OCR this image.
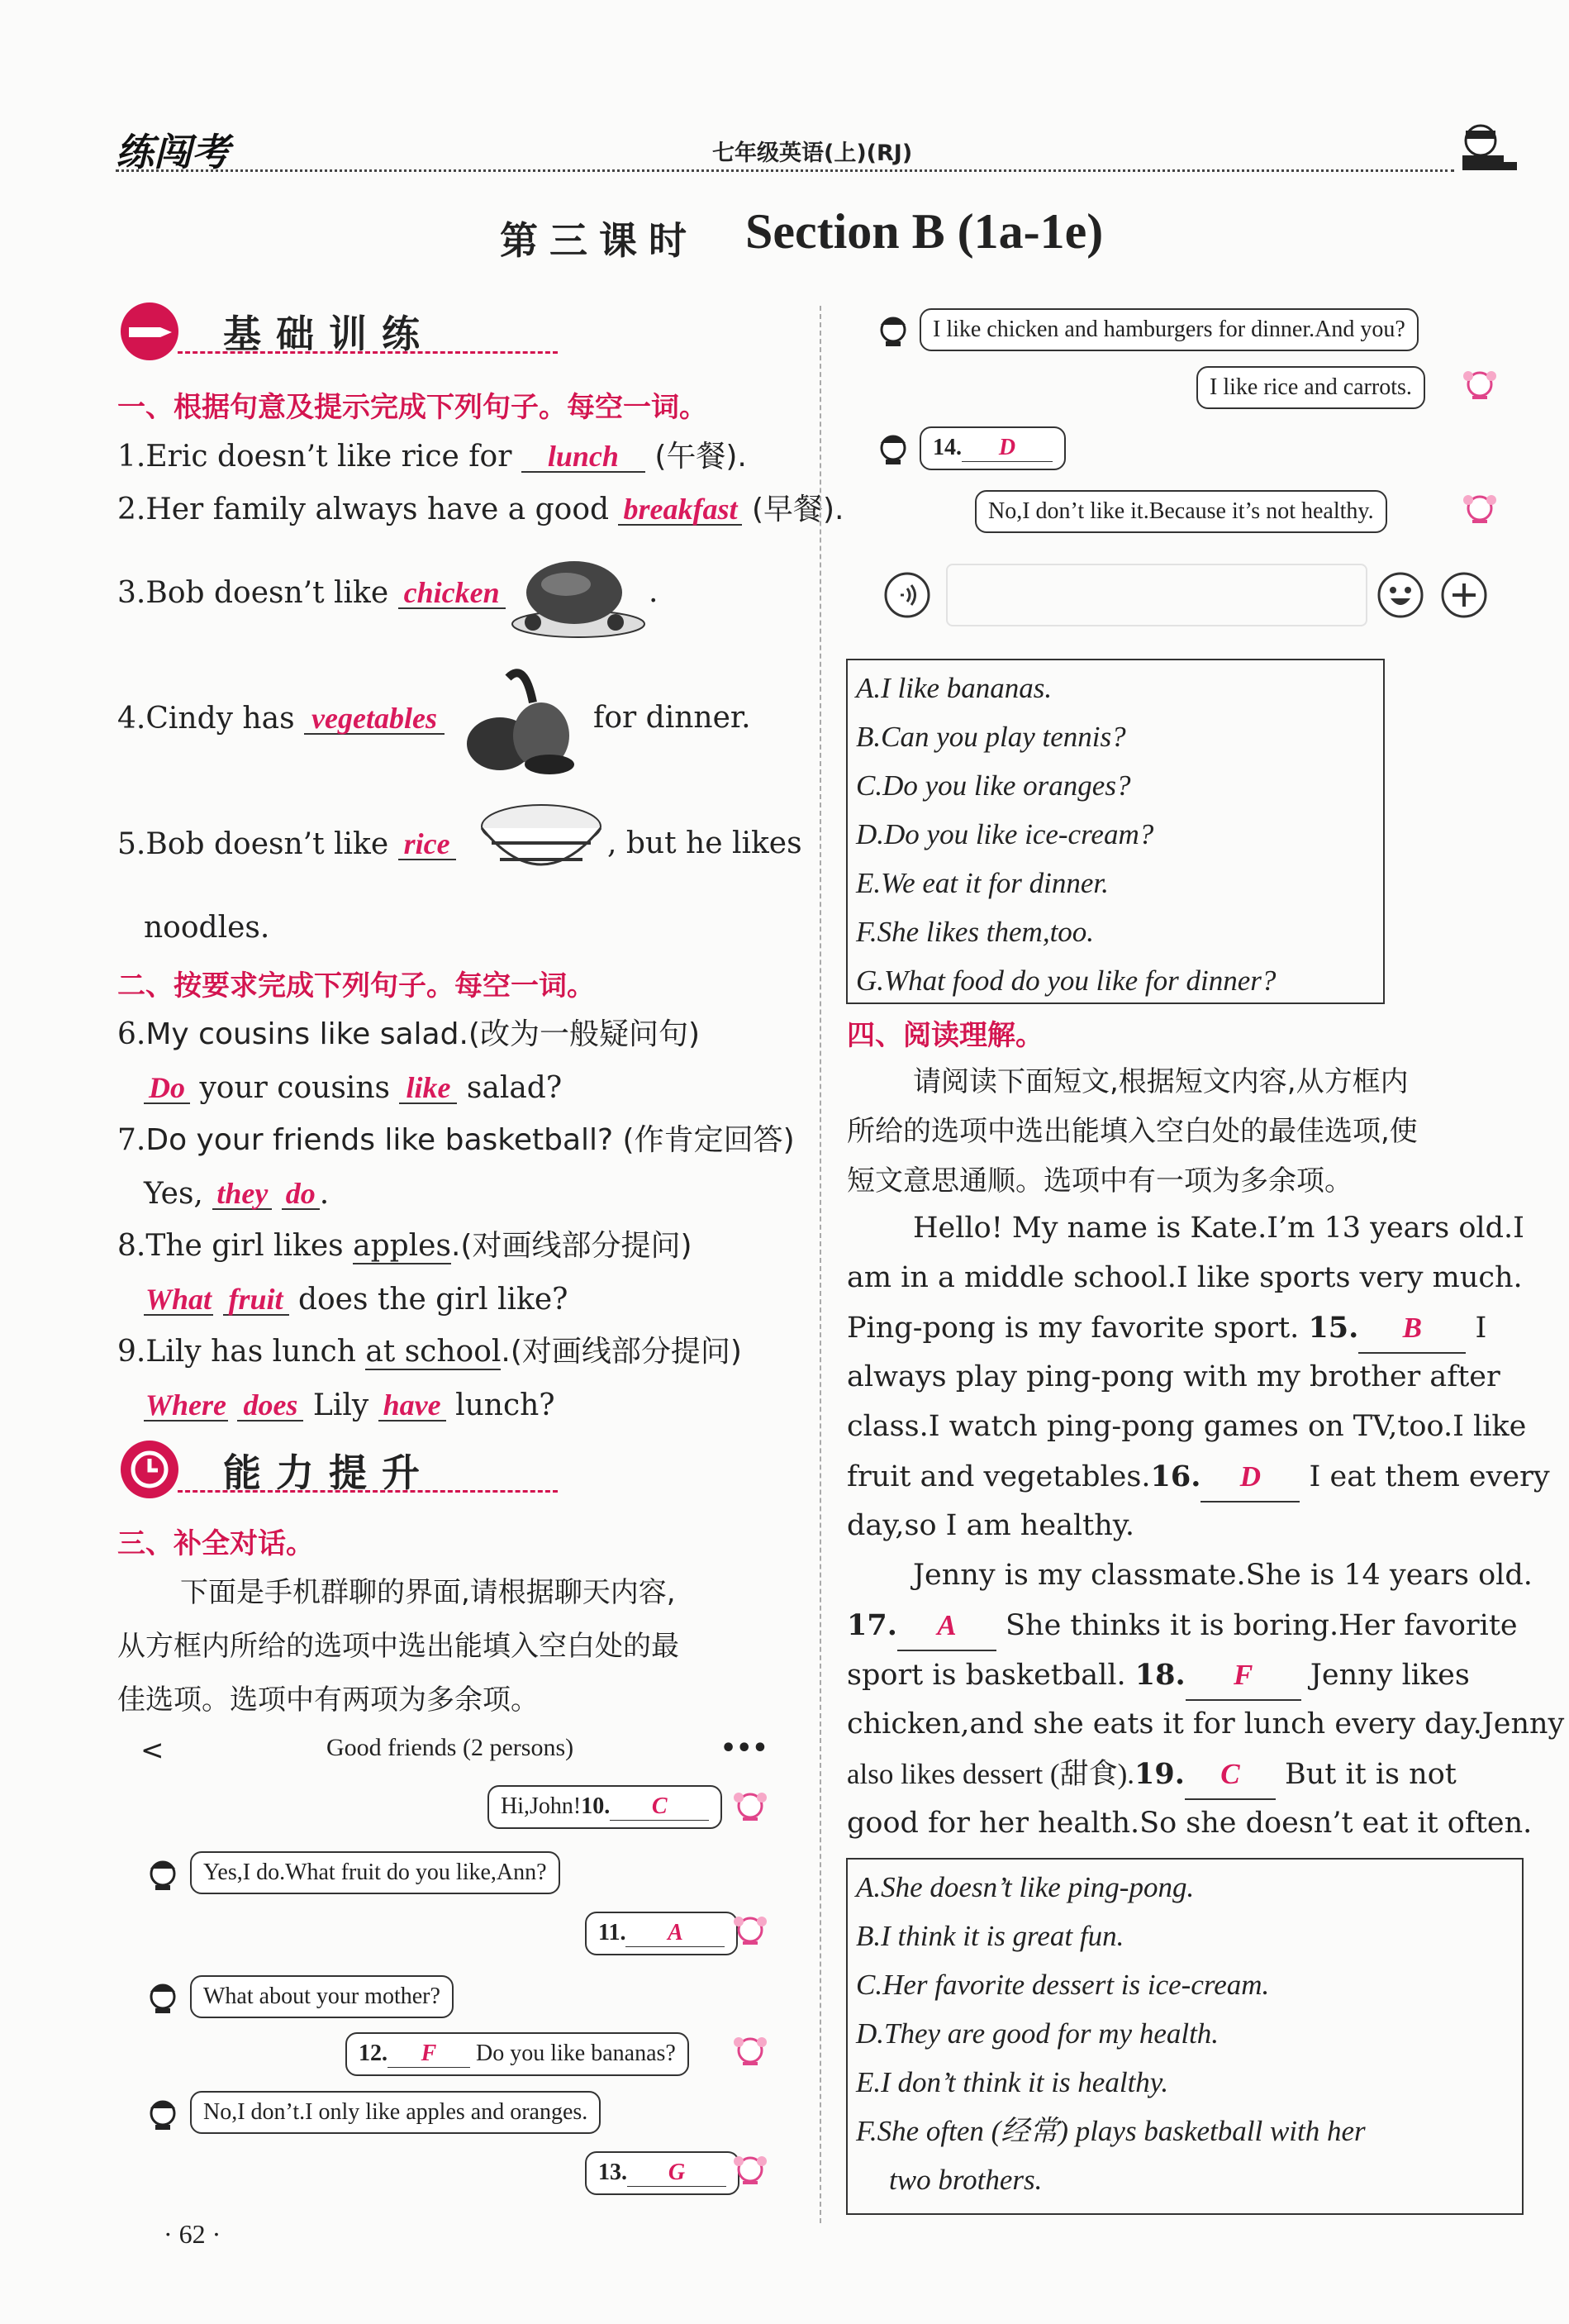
练闯考	七年级英语(上)(RJ)
第三课时 Section B (1a-1e)
基础训练
一、根据句意及提示完成下列句子。每空一词。
1.Eric doesn’t like rice for lunch (午餐).
2.Her family always have a good breakfast (早餐).
3.Bob doesn’t like chicken	.
4.Cindy has vegetables	for dinner.
5.Bob doesn’t like rice	, but he likes
noodles.
二、按要求完成下列句子。每空一词。
6.My cousins like salad.(改为一般疑问句)
Do your cousins like salad?
7.Do your friends like basketball? (作肯定回答)
Yes, they do .
8.The girl likes apples.(对画线部分提问)
What fruit does the girl like?
9.Lily has lunch at school.(对画线部分提问)
Where does Lily have lunch?
能力提升
三、补全对话。
下面是手机群聊的界面,请根据聊天内容,
从方框内所给的选项中选出能填入空白处的最
佳选项。选项中有两项为多余项。
<	Good friends (2 persons)	•••
Hi,John!10. C
Yes,I do.What fruit do you like,Ann?
11. A
What about your mother?
12. F Do you like bananas?
No,I don’t.I only like apples and oranges.
13. G
· 62 ·
I like chicken and hamburgers for dinner.And you?
I like rice and carrots.
14. D
No,I don’t like it.Because it’s not healthy.
A.I like bananas.
B.Can you play tennis?
C.Do you like oranges?
D.Do you like ice-cream?
E.We eat it for dinner.
F.She likes them,too.
G.What food do you like for dinner?
四、阅读理解。
请阅读下面短文,根据短文内容,从方框内
所给的选项中选出能填入空白处的最佳选项,使
短文意思通顺。选项中有一项为多余项。
Hello! My name is Kate.I’m 13 years old.I
am in a middle school.I like sports very much.
Ping-pong is my favorite sport. 15. B I
always play ping-pong with my brother after
class.I watch ping-pong games on TV,too.I like
fruit and vegetables.16. D I eat them every
day,so I am healthy.
Jenny is my classmate.She is 14 years old.
17. A She thinks it is boring.Her favorite
sport is basketball. 18. F Jenny likes
chicken,and she eats it for lunch every day.Jenny
also likes dessert (甜食).19. C But it is not
good for her health.So she doesn’t eat it often.
A.She doesn’t like ping-pong.
B.I think it is great fun.
C.Her favorite dessert is ice-cream.
D.They are good for my health.
E.I don’t think it is healthy.
F.She often (经常) plays basketball with her
two brothers.
